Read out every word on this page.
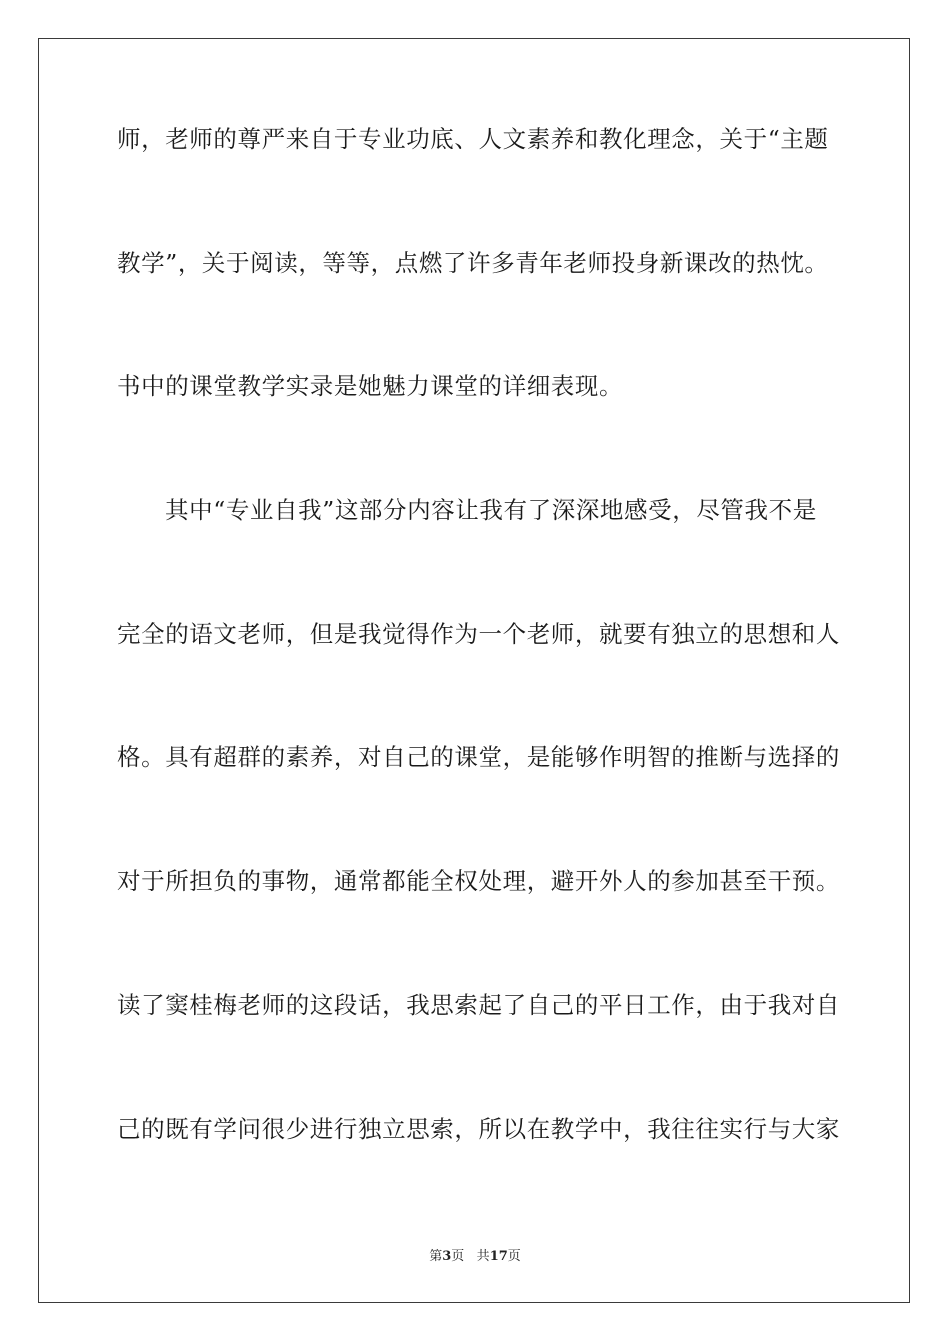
师，老师的尊严来自于专业功底、人文素养和教化理念，关于“主题

教学”，关于阅读，等等，点燃了许多青年老师投身新课改的热忱。

书中的课堂教学实录是她魅力课堂的详细表现。

其中“专业自我”这部分内容让我有了深深地感受，尽管我不是

完全的语文老师，但是我觉得作为一个老师，就要有独立的思想和人

格。具有超群的素养，对自己的课堂，是能够作明智的推断与选择的

对于所担负的事物，通常都能全权处理，避开外人的参加甚至干预。

读了窦桂梅老师的这段话，我思索起了自己的平日工作，由于我对自

己的既有学问很少进行独立思索，所以在教学中，我往往实行与大家

第3页 共17页
